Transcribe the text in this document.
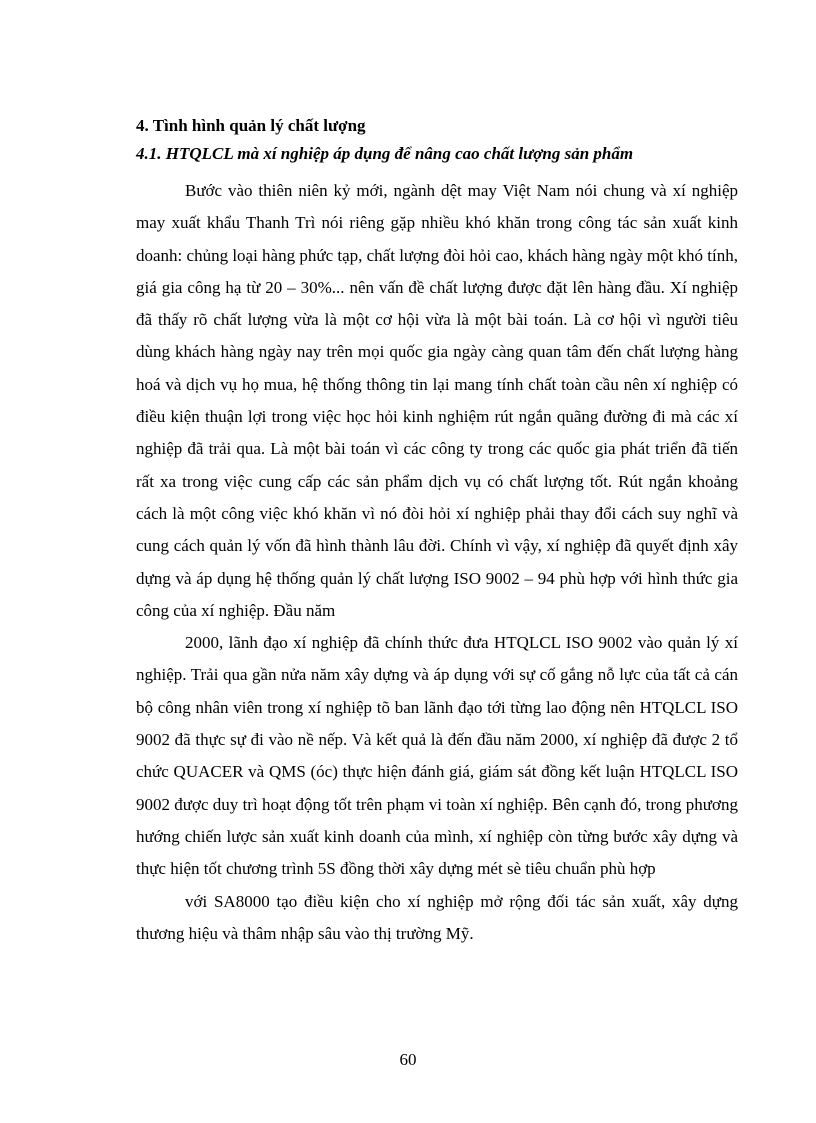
4. Tình hình quản lý chất lượng
4.1. HTQLCL mà xí nghiệp áp dụng để nâng cao chất lượng sản phẩm

Bước vào thiên niên kỷ mới, ngành dệt may Việt Nam nói chung và xí nghiệp may xuất khẩu Thanh Trì nói riêng gặp nhiều khó khăn trong công tác sản xuất kinh doanh: chủng loại hàng phức tạp, chất lượng đòi hỏi cao, khách hàng ngày một khó tính, giá gia công hạ từ 20 – 30%... nên vấn đề chất lượng được đặt lên hàng đầu. Xí nghiệp đã thấy rõ chất lượng vừa là một cơ hội vừa là một bài toán. Là cơ hội vì người tiêu dùng khách hàng ngày nay trên mọi quốc gia ngày càng quan tâm đến chất lượng hàng hoá và dịch vụ họ mua, hệ thống thông tin lại mang tính chất toàn cầu nên xí nghiệp có điều kiện thuận lợi trong việc học hỏi kinh nghiệm rút ngắn quãng đường đi mà các xí nghiệp đã trải qua. Là một bài toán vì các công ty trong các quốc gia phát triển đã tiến rất xa trong việc cung cấp các sản phẩm dịch vụ có chất lượng tốt. Rút ngắn khoảng cách là một công việc khó khăn vì nó đòi hỏi xí nghiệp phải thay đổi cách suy nghĩ và cung cách quản lý vốn đã hình thành lâu đời. Chính vì vậy, xí nghiệp đã quyết định xây dựng và áp dụng hệ thống quản lý chất lượng ISO 9002 – 94 phù hợp với hình thức gia công của xí nghiệp. Đầu năm

2000, lãnh đạo xí nghiệp đã chính thức đưa HTQLCL ISO 9002 vào quản lý xí nghiệp. Trải qua gần nửa năm xây dựng và áp dụng với sự cố gắng nỗ lực của tất cả cán bộ công nhân viên trong xí nghiệp tõ ban lãnh đạo tới từng lao động nên HTQLCL ISO 9002 đã thực sự đi vào nề nếp. Và kết quả là đến đầu năm 2000, xí nghiệp đã được 2 tổ chức QUACER và QMS (óc) thực hiện đánh giá, giám sát đồng kết luận HTQLCL ISO 9002 được duy trì hoạt động tốt trên phạm vi toàn xí nghiệp. Bên cạnh đó, trong phương hướng chiến lược sản xuất kinh doanh của mình, xí nghiệp còn từng bước xây dựng và thực hiện tốt chương trình 5S đồng thời xây dựng mét sè tiêu chuẩn phù hợp

với SA8000 tạo điều kiện cho xí nghiệp mở rộng đối tác sản xuất, xây dựng thương hiệu và thâm nhập sâu vào thị trường Mỹ.

60
